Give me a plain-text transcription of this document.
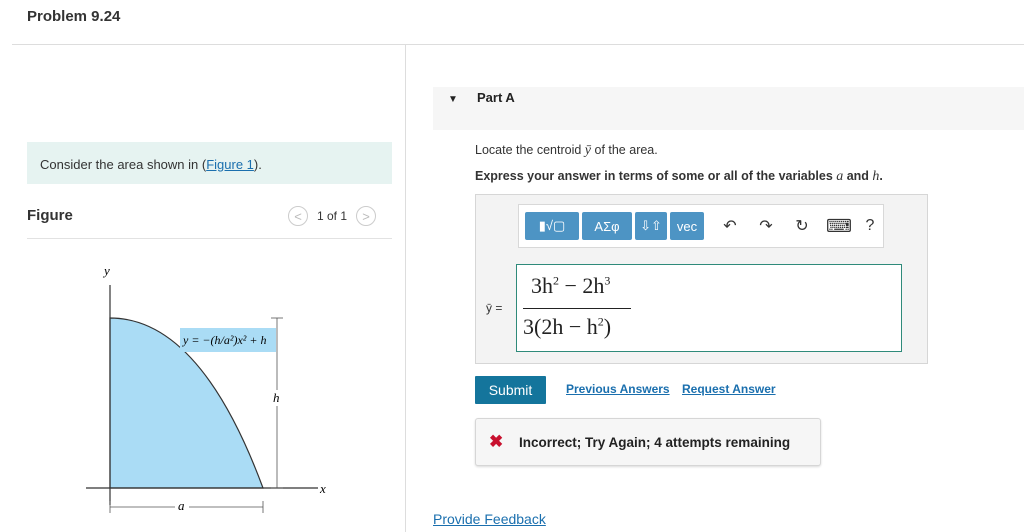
Problem 9.24
Consider the area shown in (Figure 1).
Figure	<	1 of 1	>
y
x
h
a
y = −(h/a²)x² + h
▼ Part A
Locate the centroid ȳ of the area.
Express your answer in terms of some or all of the variables a and h.
▮√▢	ΑΣφ	⇩⇧	vec	↶ ↷ ↻ ⌨ ?
ȳ =
$3h^2 - 2h^3$
$3(2h - h^2)$
Submit	Previous Answers Request Answer
✖ Incorrect; Try Again; 4 attempts remaining
Provide Feedback
